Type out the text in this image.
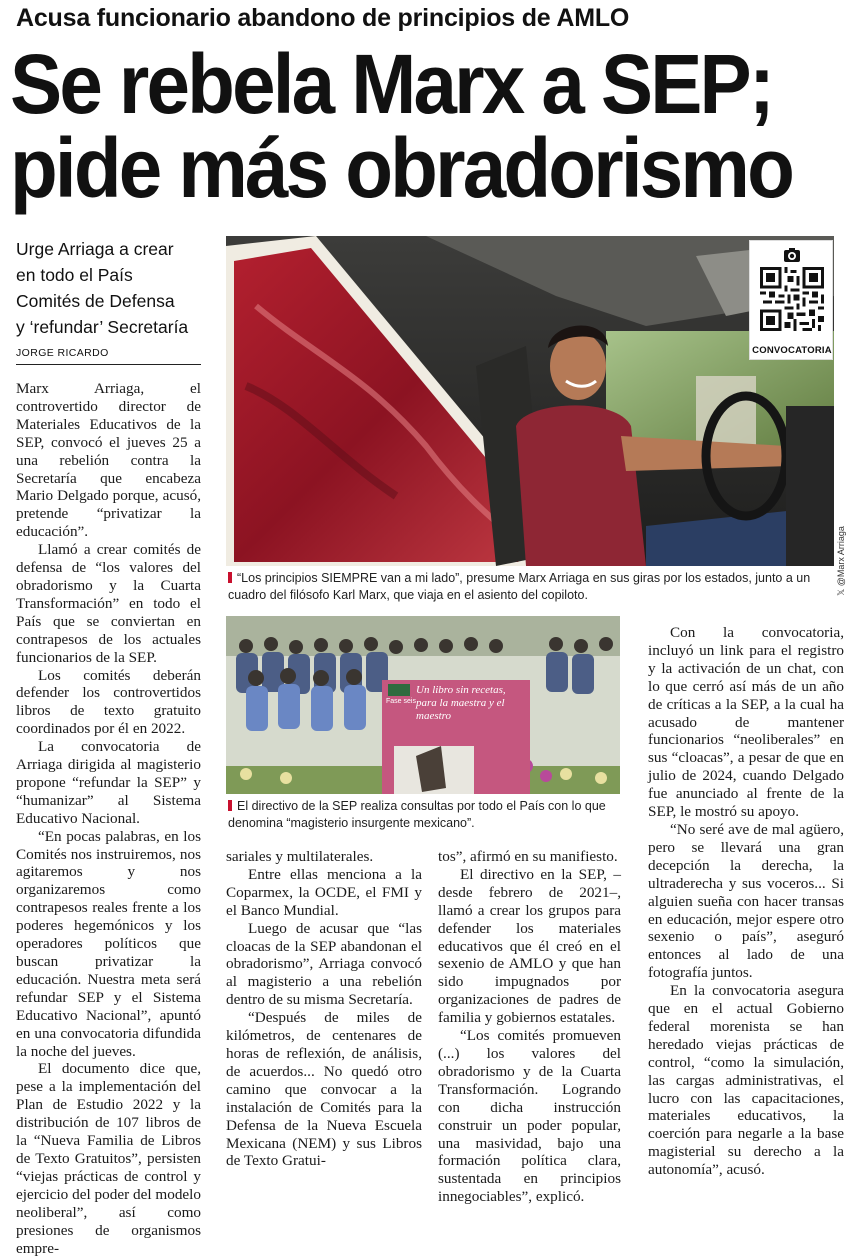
Acusa funcionario abandono de principios de AMLO
Se rebela Marx a SEP;
pide más obradorismo
Urge Arriaga a crear
en todo el País
Comités de Defensa
y ‘refundar’ Secretaría
JORGE RICARDO	CONVOCATORIA
𝕏 @Marx Arriaga
“Los principios SIEMPRE van a mi lado”, presume Marx Arriaga en sus giras por los estados, junto a un cuadro del filósofo Karl Marx, que viaja en el asiento del copiloto.
Fase seis
Un libro sin recetas, para la maestra y el maestro
El directivo de la SEP realiza consultas por todo el País con lo que denomina “magisterio insurgente mexicano”.

Marx Arriaga, el controvertido director de Materiales Educativos de la SEP, convocó el jueves 25 a una rebelión contra la Secretaría que encabeza Mario Delgado porque, acusó, pretende “privatizar la educación”.

Llamó a crear comités de defensa de “los valores del obradorismo y la Cuarta Transformación” en todo el País que se conviertan en contrapesos de los actuales funcionarios de la SEP.

Los comités deberán defender los controvertidos libros de texto gratuito coordinados por él en 2022.

La convocatoria de Arriaga dirigida al magisterio propone “refundar la SEP” y “humanizar” al Sistema Educativo Nacional.

“En pocas palabras, en los Comités nos instruiremos, nos agitaremos y nos organizaremos como contrapesos reales frente a los poderes hegemónicos y los operadores políticos que buscan privatizar la educación. Nuestra meta será refundar SEP y el Sistema Educativo Nacional”, apuntó en una convocatoria difundida la noche del jueves.

El documento dice que, pese a la implementación del Plan de Estudio 2022 y la distribución de 107 libros de la “Nueva Familia de Libros de Texto Gratuitos”, persisten “viejas prácticas de control y ejercicio del poder del modelo neoliberal”, así como presiones de organismos empre-

sariales y multilaterales.

Entre ellas menciona a la Coparmex, la OCDE, el FMI y el Banco Mundial.

Luego de acusar que “las cloacas de la SEP abandonan el obradorismo”, Arriaga convocó al magisterio a una rebelión dentro de su misma Secretaría.

“Después de miles de kilómetros, de centenares de horas de reflexión, de análisis, de acuerdos... No quedó otro camino que convocar a la instalación de Comités para la Defensa de la Nueva Escuela Mexicana (NEM) y sus Libros de Texto Gratui-

tos”, afirmó en su manifiesto.

El directivo en la SEP, –desde febrero de 2021–, llamó a crear los grupos para defender los materiales educativos que él creó en el sexenio de AMLO y que han sido impugnados por organizaciones de padres de familia y gobiernos estatales.

“Los comités promueven (...) los valores del obradorismo y de la Cuarta Transformación. Logrando con dicha instrucción construir un poder popular, una masividad, bajo una formación política clara, sustentada en principios innegociables”, explicó.

Con la convocatoria, incluyó un link para el registro y la activación de un chat, con lo que cerró así más de un año de críticas a la SEP, a la cual ha acusado de mantener funcionarios “neoliberales” en sus “cloacas”, a pesar de que en julio de 2024, cuando Delgado fue anunciado al frente de la SEP, le mostró su apoyo.

“No seré ave de mal agüero, pero se llevará una gran decepción la derecha, la ultraderecha y sus voceros... Si alguien sueña con hacer transas en educación, mejor espere otro sexenio o país”, aseguró entonces al lado de una fotografía juntos.

En la convocatoria asegura que en el actual Gobierno federal morenista se han heredado viejas prácticas de control, “como la simulación, las cargas administrativas, el lucro con las capacitaciones, materiales educativos, la coerción para negarle a la base magisterial su derecho a la autonomía”, acusó.
